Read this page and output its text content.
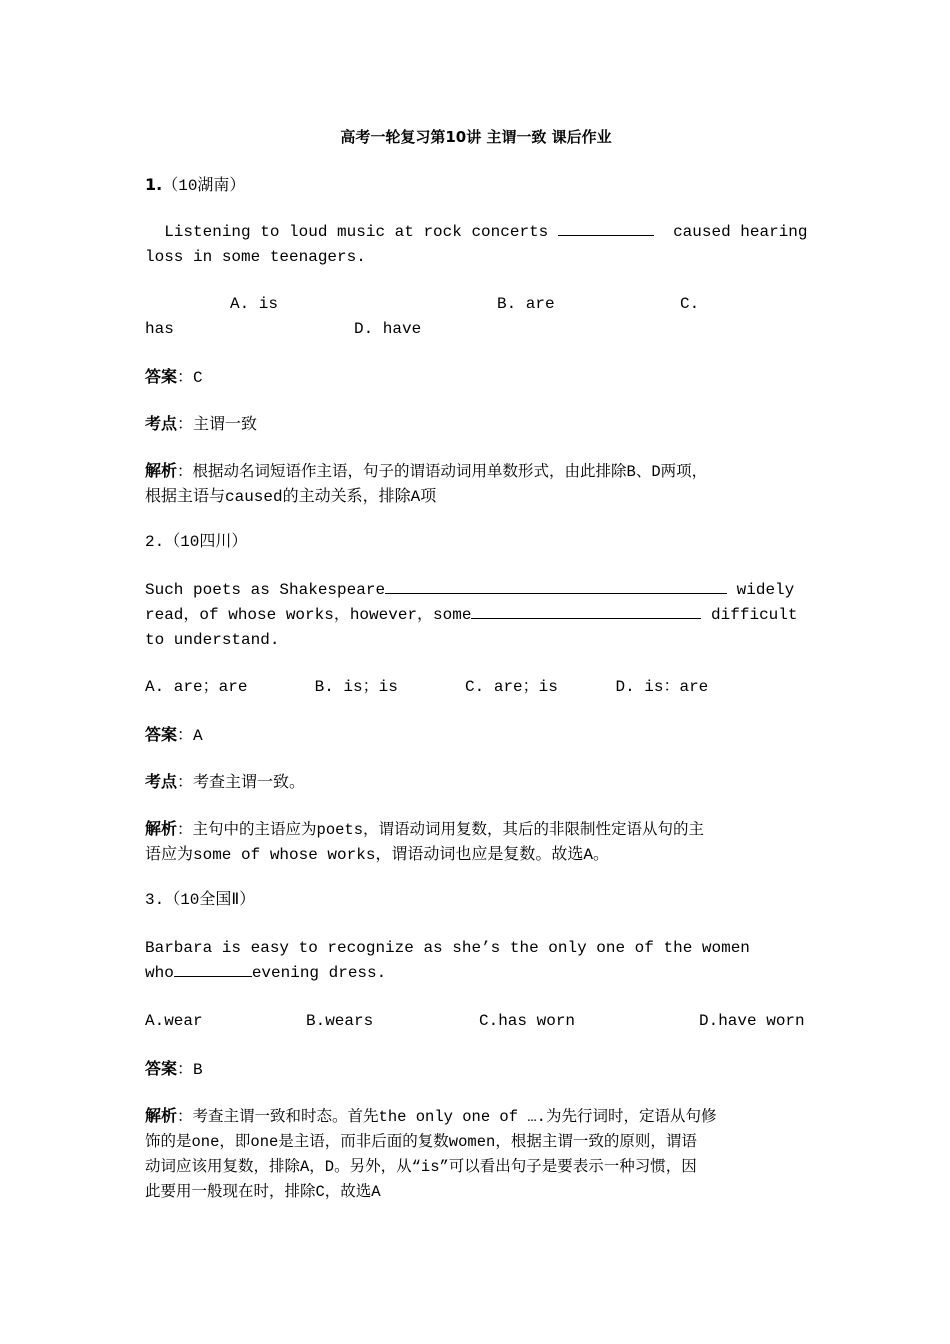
高考一轮复习第10讲 主谓一致 课后作业
1.（10湖南）
Listening to loud music at rock concerts	caused hearing
loss in some teenagers.
A. is	B. are	C.
has	D. have
答案：C
考点：主谓一致
解析：根据动名词短语作主语，句子的谓语动词用单数形式，由此排除B、D两项，
根据主语与caused的主动关系，排除A项
2.（10四川）
Such poets as Shakespeare	widely
read，of whose works，however，some	difficult
to understand.
A. are；are       B. is；is       C. are；is      D. is：are
答案：A
考点：考查主谓一致。
解析：主句中的主语应为poets，谓语动词用复数，其后的非限制性定语从句的主
语应为some of whose works，谓语动词也应是复数。故选A。
3.（10全国Ⅱ）
Barbara is easy to recognize as she’s the only one of the women
who	evening dress.
A.wear	B.wears	C.has worn	D.have worn
答案：B
解析：考查主谓一致和时态。首先the only one of ….为先行词时，定语从句修
饰的是one，即one是主语，而非后面的复数women，根据主谓一致的原则，谓语
动词应该用复数，排除A，D。另外，从“is”可以看出句子是要表示一种习惯，因
此要用一般现在时，排除C，故选A
